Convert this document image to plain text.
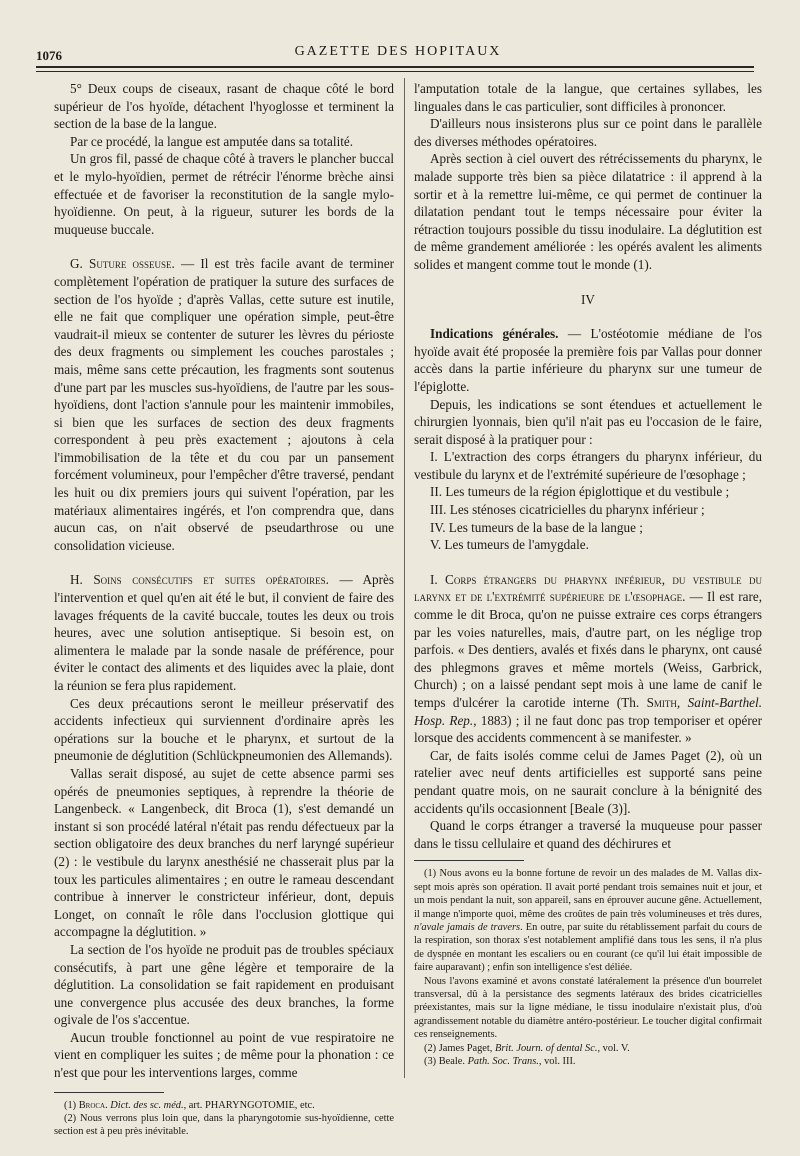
1076	GAZETTE DES HOPITAUX

5° Deux coups de ciseaux, rasant de chaque côté le bord supérieur de l'os hyoïde, détachent l'hyoglosse et terminent la section de la base de la langue.

Par ce procédé, la langue est amputée dans sa totalité.

Un gros fil, passé de chaque côté à travers le plancher buccal et le mylo-hyoïdien, permet de rétrécir l'énorme brèche ainsi effectuée et de favoriser la reconstitution de la sangle mylo-hyoïdienne. On peut, à la rigueur, suturer les bords de la muqueuse buccale.

G. Suture osseuse. — Il est très facile avant de terminer complètement l'opération de pratiquer la suture des surfaces de section de l'os hyoïde ; d'après Vallas, cette suture est inutile, elle ne fait que compliquer une opération simple, peut-être vaudrait-il mieux se contenter de suturer les lèvres du périoste des deux fragments ou simplement les couches parostales ; mais, même sans cette précaution, les fragments sont soutenus d'une part par les muscles sus-hyoïdiens, de l'autre par les sous-hyoïdiens, dont l'action s'annule pour les maintenir immobiles, si bien que les surfaces de section des deux fragments correspondent à peu près exactement ; ajoutons à cela l'immobilisation de la tête et du cou par un pansement forcément volumineux, pour l'empêcher d'être traversé, pendant les huit ou dix premiers jours qui suivent l'opération, par les matériaux alimentaires ingérés, et l'on comprendra que, dans aucun cas, on n'ait observé de pseudarthrose ou une consolidation vicieuse.

H. Soins consécutifs et suites opératoires. — Après l'intervention et quel qu'en ait été le but, il convient de faire des lavages fréquents de la cavité buccale, toutes les deux ou trois heures, avec une solution antiseptique. Si besoin est, on alimentera le malade par la sonde nasale de préférence, pour éviter le contact des aliments et des liquides avec la plaie, dont la réunion se fera plus rapidement.

Ces deux précautions seront le meilleur préservatif des accidents infectieux qui surviennent d'ordinaire après les opérations sur la bouche et le pharynx, et surtout de la pneumonie de déglutition (Schlückpneumonien des Allemands).

Vallas serait disposé, au sujet de cette absence parmi ses opérés de pneumonies septiques, à reprendre la théorie de Langenbeck. « Langenbeck, dit Broca (1), s'est demandé un instant si son procédé latéral n'était pas rendu défectueux par la section obligatoire des deux branches du nerf laryngé supérieur (2) : le vestibule du larynx anesthésié ne chasserait plus par la toux les particules alimentaires ; en outre le rameau descendant contribue à innerver le constricteur inférieur, dont, depuis Longet, on connaît le rôle dans l'occlusion glottique qui accompagne la déglutition. »

La section de l'os hyoïde ne produit pas de troubles spéciaux consécutifs, à part une gêne légère et temporaire de la déglutition. La consolidation se fait rapidement en produisant une convergence plus accusée des deux branches, la forme ogivale de l'os s'accentue.

Aucun trouble fonctionnel au point de vue respiratoire ne vient en compliquer les suites ; de même pour la phonation : ce n'est que pour les interventions larges, comme

(1) Broca. Dict. des sc. méd., art. PHARYNGOTOMIE, etc.

(2) Nous verrons plus loin que, dans la pharyngotomie sus-hyoïdienne, cette section est à peu près inévitable.

l'amputation totale de la langue, que certaines syllabes, les linguales dans le cas particulier, sont difficiles à prononcer.

D'ailleurs nous insisterons plus sur ce point dans le parallèle des diverses méthodes opératoires.

Après section à ciel ouvert des rétrécissements du pharynx, le malade supporte très bien sa pièce dilatatrice : il apprend à la sortir et à la remettre lui-même, ce qui permet de continuer la dilatation pendant tout le temps nécessaire pour éviter la rétraction toujours possible du tissu inodulaire. La déglutition est de même grandement améliorée : les opérés avalent les aliments solides et mangent comme tout le monde (1).

IV

Indications générales. — L'ostéotomie médiane de l'os hyoïde avait été proposée la première fois par Vallas pour donner accès dans la partie inférieure du pharynx sur une tumeur de l'épiglotte.

Depuis, les indications se sont étendues et actuellement le chirurgien lyonnais, bien qu'il n'ait pas eu l'occasion de le faire, serait disposé à la pratiquer pour :

I. L'extraction des corps étrangers du pharynx inférieur, du vestibule du larynx et de l'extrémité supérieure de l'œsophage ;

II. Les tumeurs de la région épiglottique et du vestibule ;

III. Les sténoses cicatricielles du pharynx inférieur ;

IV. Les tumeurs de la base de la langue ;

V. Les tumeurs de l'amygdale.

I. Corps étrangers du pharynx inférieur, du vestibule du larynx et de l'extrémité supérieure de l'œsophage. — Il est rare, comme le dit Broca, qu'on ne puisse extraire ces corps étrangers par les voies naturelles, mais, d'autre part, on les néglige trop parfois. « Des dentiers, avalés et fixés dans le pharynx, ont causé des phlegmons graves et même mortels (Weiss, Garbrick, Church) ; on a laissé pendant sept mois à une lame de canif le temps d'ulcérer la carotide interne (Th. Smith, Saint-Barthel. Hosp. Rep., 1883) ; il ne faut donc pas trop temporiser et opérer lorsque des accidents commencent à se manifester. »

Car, de faits isolés comme celui de James Paget (2), où un ratelier avec neuf dents artificielles est supporté sans peine pendant quatre mois, on ne saurait conclure à la bénignité des accidents qu'ils occasionnent [Beale (3)].

Quand le corps étranger a traversé la muqueuse pour passer dans le tissu cellulaire et quand des déchirures et

(1) Nous avons eu la bonne fortune de revoir un des malades de M. Vallas dix-sept mois après son opération. Il avait porté pendant trois semaines nuit et jour, et un mois pendant la nuit, son appareil, sans en éprouver aucune gêne. Actuellement, il mange n'importe quoi, même des croûtes de pain très volumineuses et très dures, n'avale jamais de travers. En outre, par suite du rétablissement parfait du cours de la respiration, son thorax s'est notablement amplifié dans tous les sens, il n'a plus de dyspnée en montant les escaliers ou en courant (ce qu'il lui était impossible de faire auparavant) ; enfin son intelligence s'est déliée.

Nous l'avons examiné et avons constaté latéralement la présence d'un bourrelet transversal, dû à la persistance des segments latéraux des brides cicatricielles préexistantes, mais sur la ligne médiane, le tissu inodulaire n'existait plus, d'où agrandissement notable du diamètre antéro-postérieur. Le toucher digital confirmait ces renseignements.

(2) James Paget, Brit. Journ. of dental Sc., vol. V.

(3) Beale. Path. Soc. Trans., vol. III.
